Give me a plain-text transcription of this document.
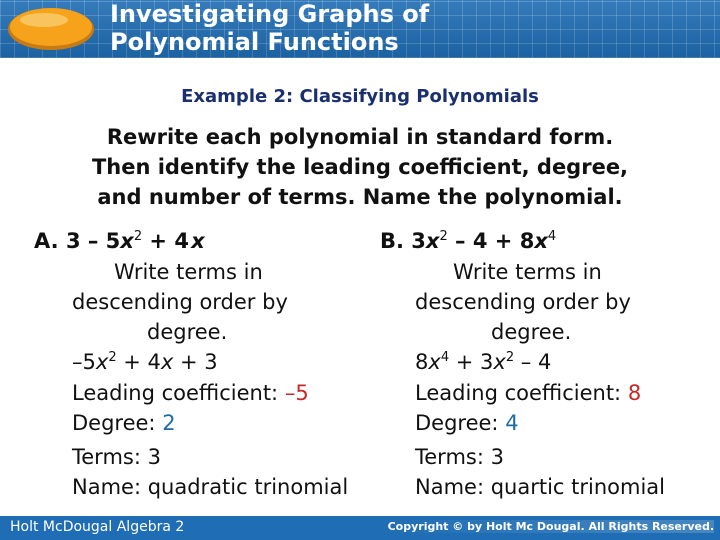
Investigating Graphs of
Polynomial Functions
Example 2: Classifying Polynomials
Rewrite each polynomial in standard form.
Then identify the leading coefficient, degree,
and number of terms. Name the polynomial.
A. $3 - 5x^2 + 4$ x
Write terms in
descending order by
degree.
$-5x^2 + 4x + 3$
Leading coefficient: –5
Degree: 2
Terms: 3
Name: quadratic trinomial
B. $3x^2 - 4 + 8x^4$
Write terms in
descending order by
degree.
$8x^4 + 3x^2 - 4$
Leading coefficient: 8
Degree: 4
Terms: 3
Name: quartic trinomial
Holt McDougal Algebra 2	Copyright © by Holt Mc Dougal. All Rights Reserved.
